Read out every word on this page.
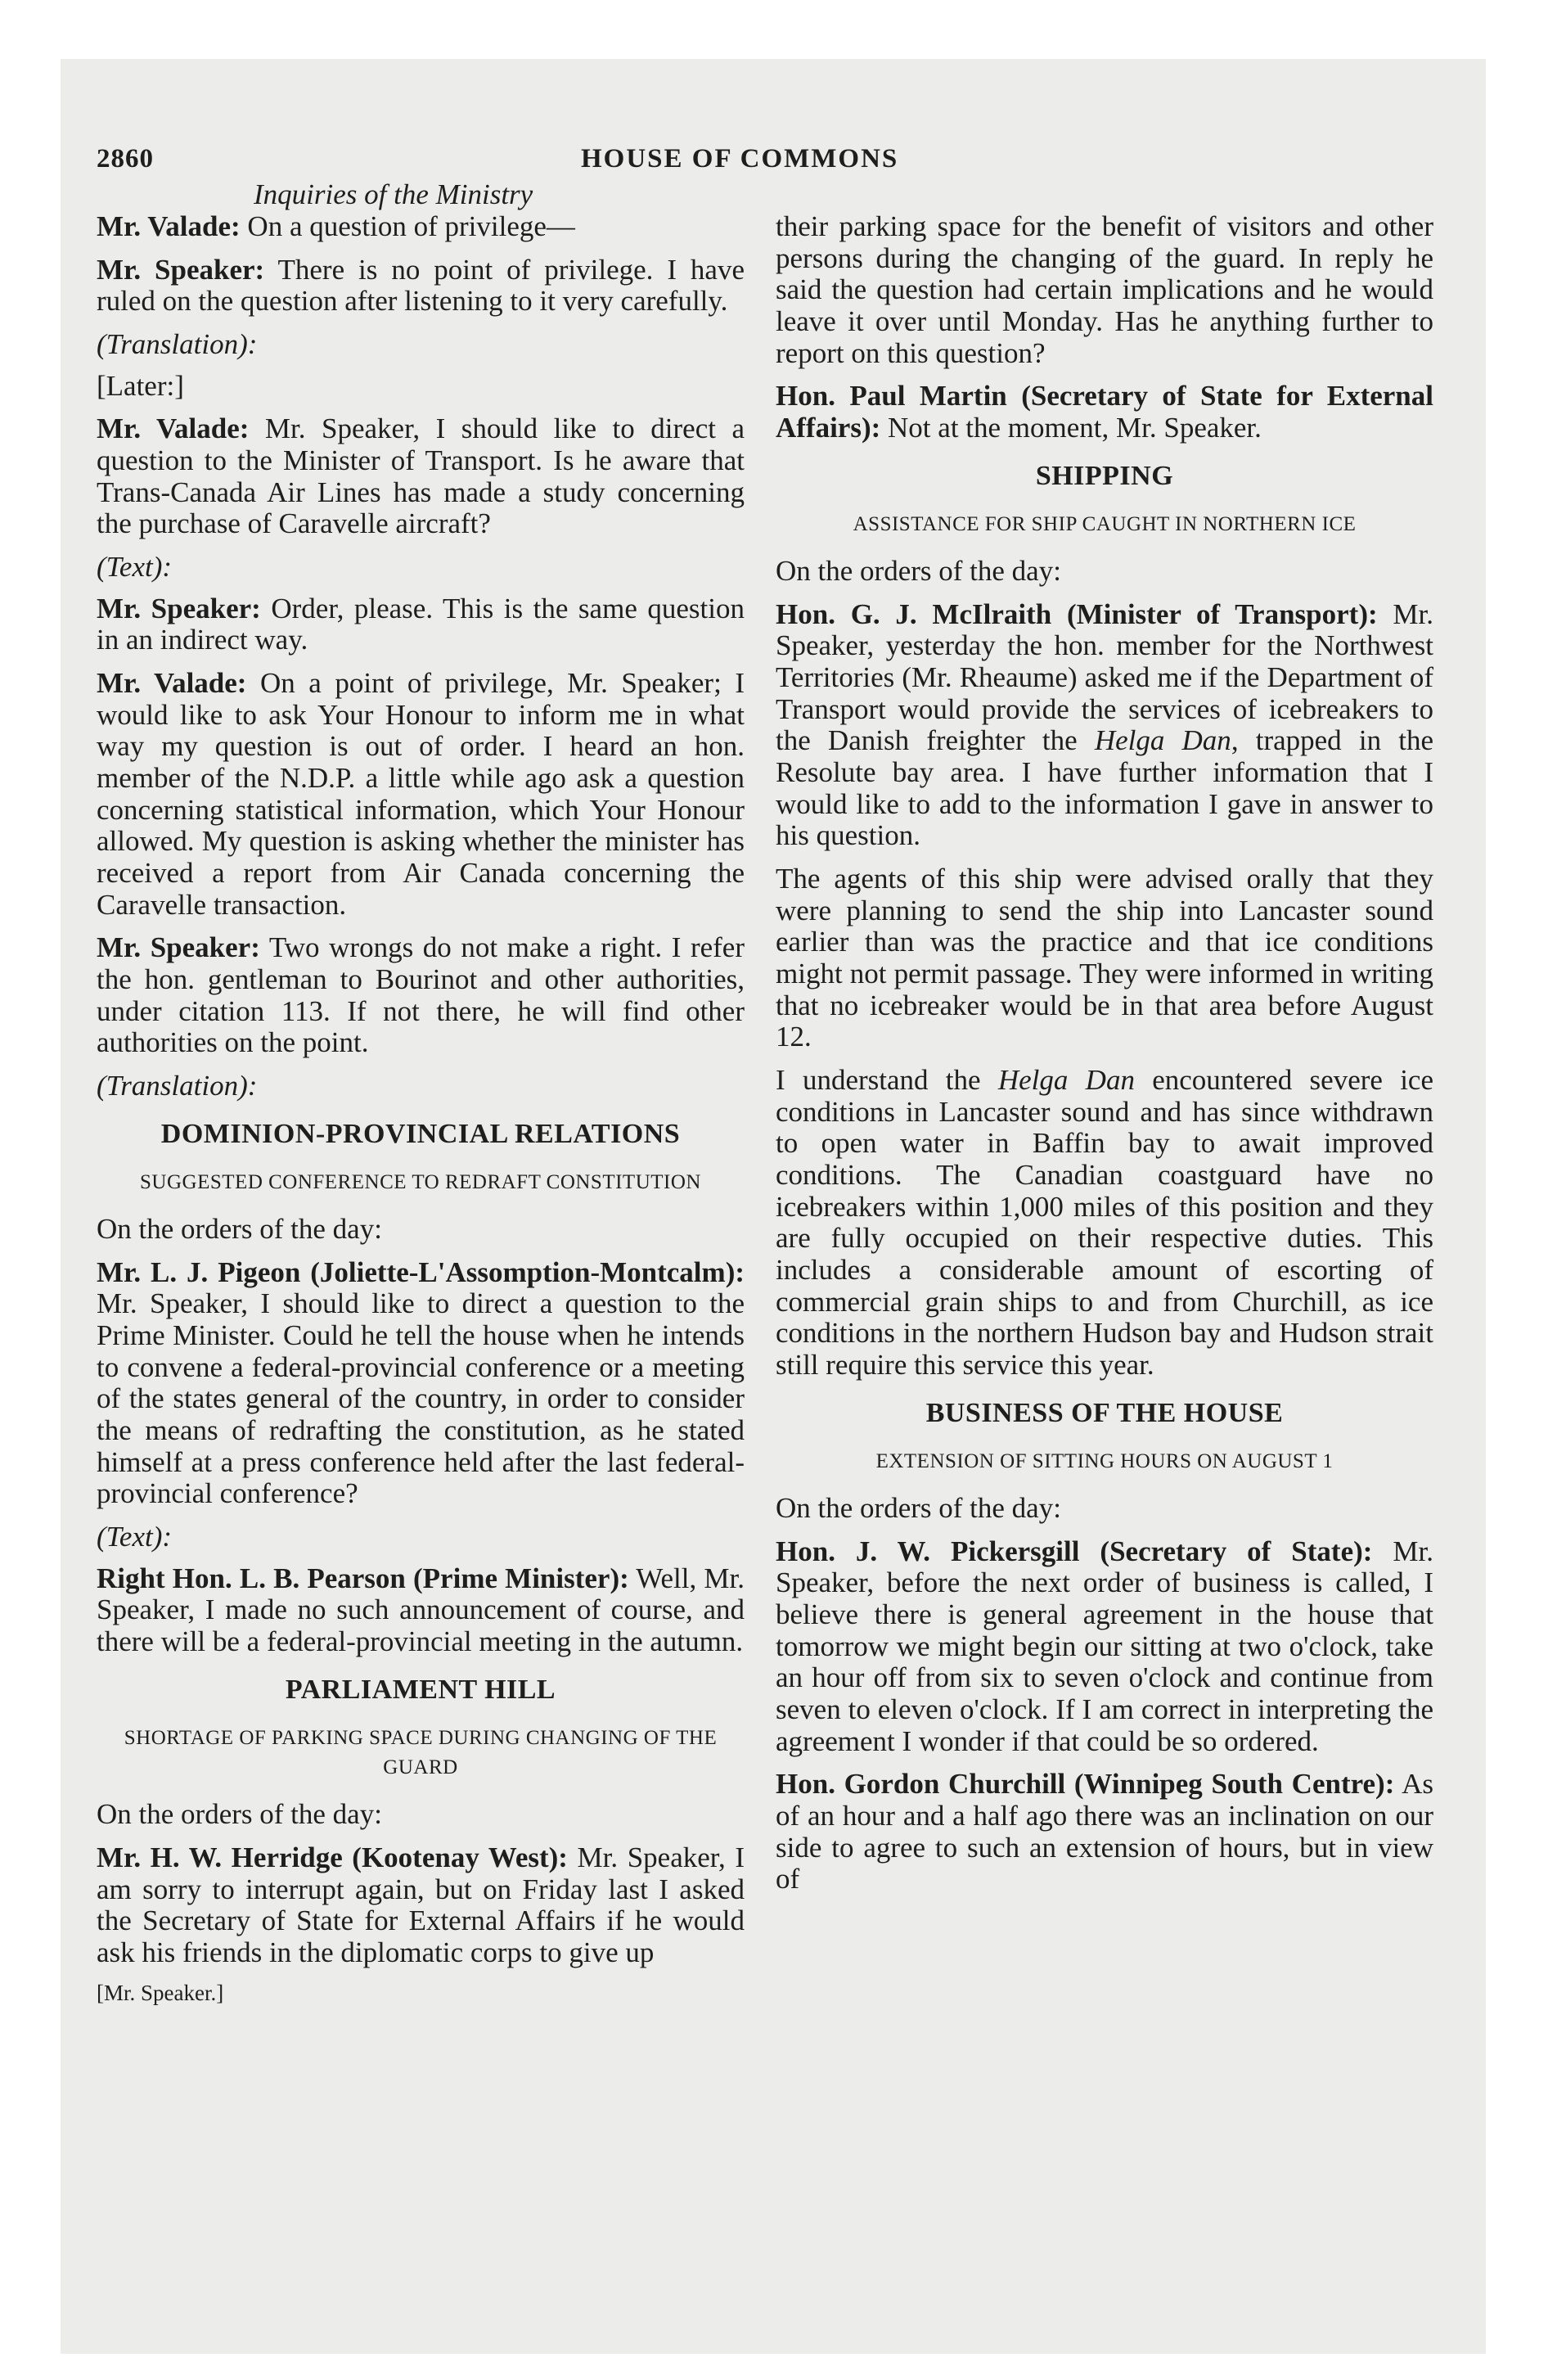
2860	HOUSE OF COMMONS
Inquiries of the Ministry

Mr. Valade: On a question of privilege—

Mr. Speaker: There is no point of privilege. I have ruled on the question after listening to it very carefully.

(Translation):

[Later:]

Mr. Valade: Mr. Speaker, I should like to direct a question to the Minister of Transport. Is he aware that Trans-Canada Air Lines has made a study concerning the purchase of Caravelle aircraft?

(Text):

Mr. Speaker: Order, please. This is the same question in an indirect way.

Mr. Valade: On a point of privilege, Mr. Speaker; I would like to ask Your Honour to inform me in what way my question is out of order. I heard an hon. member of the N.D.P. a little while ago ask a question concerning statistical information, which Your Honour allowed. My question is asking whether the minister has received a report from Air Canada concerning the Caravelle transaction.

Mr. Speaker: Two wrongs do not make a right. I refer the hon. gentleman to Bourinot and other authorities, under citation 113. If not there, he will find other authorities on the point.

(Translation):

DOMINION-PROVINCIAL RELATIONS
SUGGESTED CONFERENCE TO REDRAFT CONSTITUTION

On the orders of the day:

Mr. L. J. Pigeon (Joliette-L'Assomption-Montcalm): Mr. Speaker, I should like to direct a question to the Prime Minister. Could he tell the house when he intends to convene a federal-provincial conference or a meeting of the states general of the country, in order to consider the means of redrafting the constitution, as he stated himself at a press conference held after the last federal-provincial conference?

(Text):

Right Hon. L. B. Pearson (Prime Minister): Well, Mr. Speaker, I made no such announcement of course, and there will be a federal-provincial meeting in the autumn.

PARLIAMENT HILL
SHORTAGE OF PARKING SPACE DURING CHANGING OF THE GUARD

On the orders of the day:

Mr. H. W. Herridge (Kootenay West): Mr. Speaker, I am sorry to interrupt again, but on Friday last I asked the Secretary of State for External Affairs if he would ask his friends in the diplomatic corps to give up

[Mr. Speaker.]

their parking space for the benefit of visitors and other persons during the changing of the guard. In reply he said the question had certain implications and he would leave it over until Monday. Has he anything further to report on this question?

Hon. Paul Martin (Secretary of State for External Affairs): Not at the moment, Mr. Speaker.

SHIPPING
ASSISTANCE FOR SHIP CAUGHT IN NORTHERN ICE

On the orders of the day:

Hon. G. J. McIlraith (Minister of Transport): Mr. Speaker, yesterday the hon. member for the Northwest Territories (Mr. Rheaume) asked me if the Department of Transport would provide the services of icebreakers to the Danish freighter the Helga Dan, trapped in the Resolute bay area. I have further information that I would like to add to the information I gave in answer to his question.

The agents of this ship were advised orally that they were planning to send the ship into Lancaster sound earlier than was the practice and that ice conditions might not permit passage. They were informed in writing that no icebreaker would be in that area before August 12.

I understand the Helga Dan encountered severe ice conditions in Lancaster sound and has since withdrawn to open water in Baffin bay to await improved conditions. The Canadian coastguard have no icebreakers within 1,000 miles of this position and they are fully occupied on their respective duties. This includes a considerable amount of escorting of commercial grain ships to and from Churchill, as ice conditions in the northern Hudson bay and Hudson strait still require this service this year.

BUSINESS OF THE HOUSE
EXTENSION OF SITTING HOURS ON AUGUST 1

On the orders of the day:

Hon. J. W. Pickersgill (Secretary of State): Mr. Speaker, before the next order of business is called, I believe there is general agreement in the house that tomorrow we might begin our sitting at two o'clock, take an hour off from six to seven o'clock and continue from seven to eleven o'clock. If I am correct in interpreting the agreement I wonder if that could be so ordered.

Hon. Gordon Churchill (Winnipeg South Centre): As of an hour and a half ago there was an inclination on our side to agree to such an extension of hours, but in view of
